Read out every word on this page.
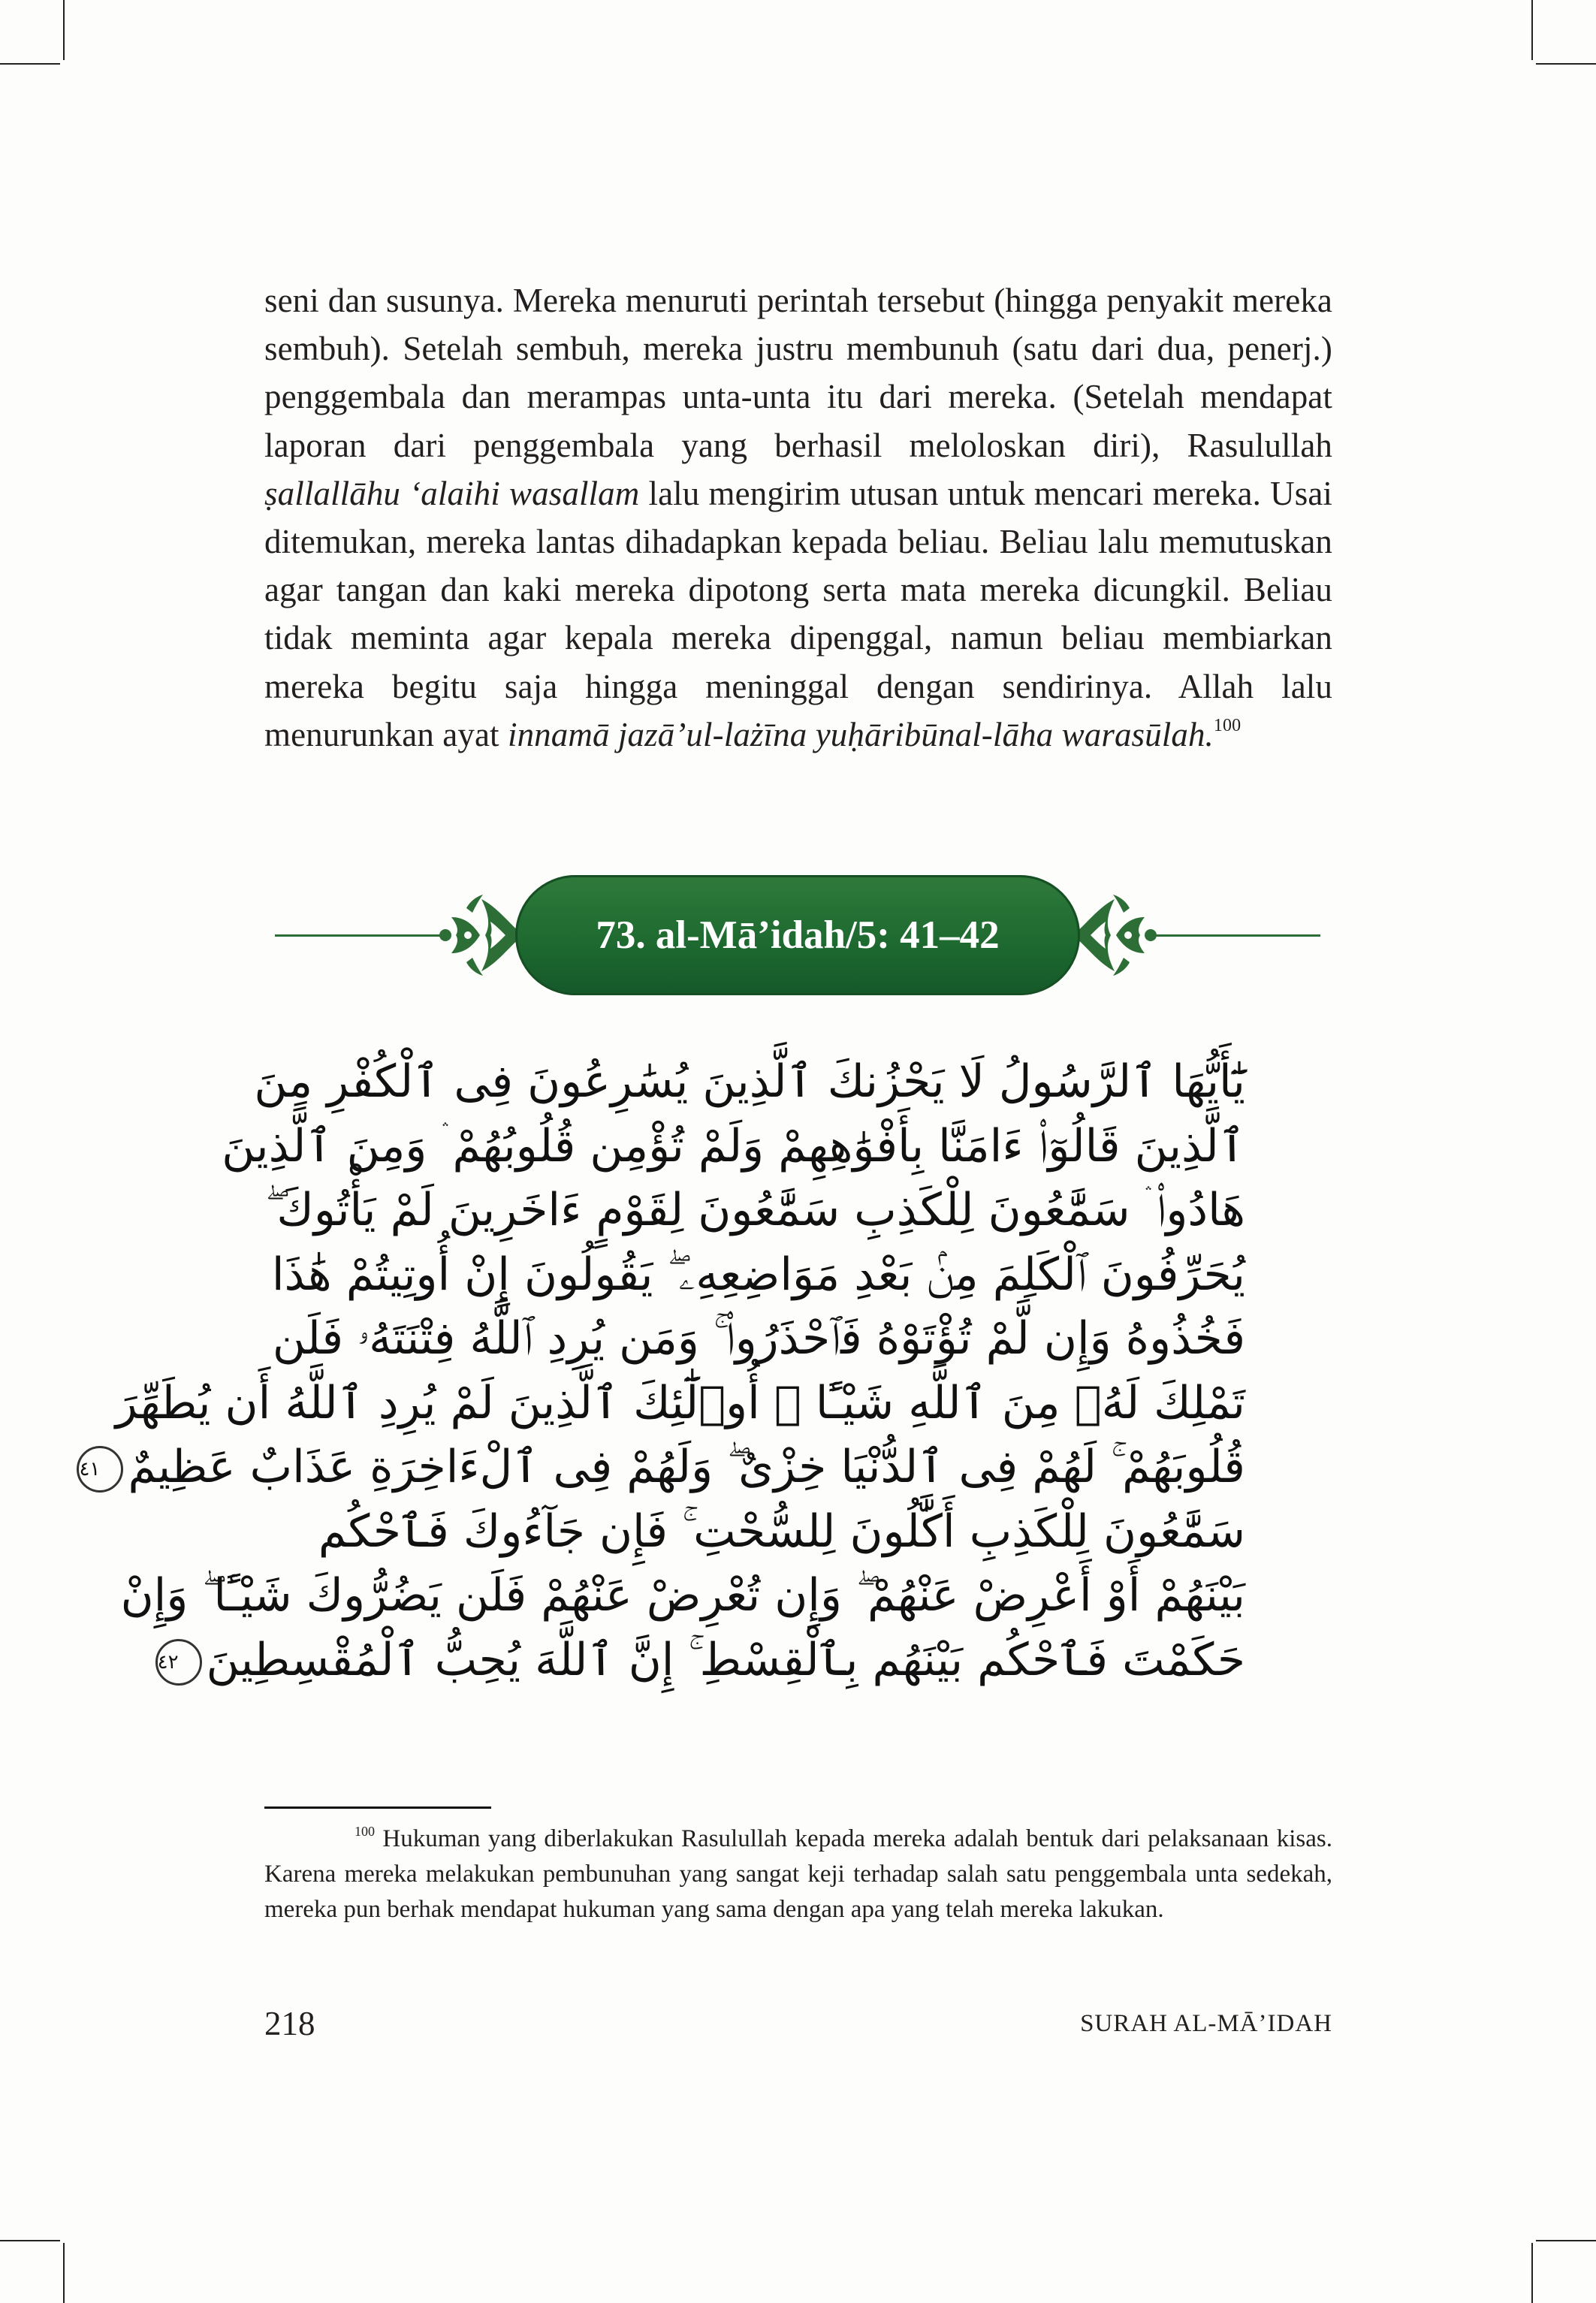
seni dan susunya. Mereka menuruti perintah tersebut (hingga penyakit mereka sembuh). Setelah sembuh, mereka justru membunuh (satu dari dua, penerj.) penggembala dan merampas unta-unta itu dari mereka. (Setelah mendapat laporan dari penggembala yang berhasil meloloskan diri), Rasulullah ṣallallāhu ‘alaihi wasallam lalu mengirim utusan untuk mencari mereka. Usai ditemukan, mereka lantas dihadapkan kepada beliau. Beliau lalu memutuskan agar tangan dan kaki mereka dipotong serta mata mereka dicungkil. Beliau tidak meminta agar kepala mereka dipenggal, namun beliau membiarkan mereka begitu saja hingga meninggal dengan sendirinya. Allah lalu menurunkan ayat innamā jazā’ul-lażīna yuḥāribūnal-lāha warasūlah.$^{100}$

73. al-Mā’idah/5: 41–42
يَٰٓأَيُّهَا ٱلرَّسُولُ لَا يَحْزُنكَ ٱلَّذِينَ يُسَٰرِعُونَ فِى ٱلْكُفْرِ مِنَ
ٱلَّذِينَ قَالُوٓا۟ ءَامَنَّا بِأَفْوَٰهِهِمْ وَلَمْ تُؤْمِن قُلُوبُهُمْ ۛ وَمِنَ ٱلَّذِينَ
هَادُوا۟ ۛ سَمَّٰعُونَ لِلْكَذِبِ سَمَّٰعُونَ لِقَوْمٍ ءَاخَرِينَ لَمْ يَأْتُوكَ ۖ
يُحَرِّفُونَ ٱلْكَلِمَ مِنۢ بَعْدِ مَوَاضِعِهِۦ ۖ يَقُولُونَ إِنْ أُوتِيتُمْ هَٰذَا
فَخُذُوهُ وَإِن لَّمْ تُؤْتَوْهُ فَٱحْذَرُوا۟ ۚ وَمَن يُرِدِ ٱللَّهُ فِتْنَتَهُۥ فَلَن
تَمْلِكَ لَهُۥ مِنَ ٱللَّهِ شَيْـًٔا ۚ أُو۟لَٰٓئِكَ ٱلَّذِينَ لَمْ يُرِدِ ٱللَّهُ أَن يُطَهِّرَ
قُلُوبَهُمْ ۚ لَهُمْ فِى ٱلدُّنْيَا خِزْىٌ ۖ وَلَهُمْ فِى ٱلْءَاخِرَةِ عَذَابٌ عَظِيمٌ٤١
سَمَّٰعُونَ لِلْكَذِبِ أَكَّٰلُونَ لِلسُّحْتِ ۚ فَإِن جَآءُوكَ فَٱحْكُم
بَيْنَهُمْ أَوْ أَعْرِضْ عَنْهُمْ ۖ وَإِن تُعْرِضْ عَنْهُمْ فَلَن يَضُرُّوكَ شَيْـًٔا ۖ وَإِنْ
حَكَمْتَ فَٱحْكُم بَيْنَهُم بِٱلْقِسْطِ ۚ إِنَّ ٱللَّهَ يُحِبُّ ٱلْمُقْسِطِينَ٤٢

$^{100}$ Hukuman yang diberlakukan Rasulullah kepada mereka adalah bentuk dari pelaksanaan kisas. Karena mereka melakukan pembunuhan yang sangat keji terhadap salah satu penggembala unta sedekah, mereka pun berhak mendapat hukuman yang sama dengan apa yang telah mereka lakukan.

218	SURAH AL-MĀ’IDAH
